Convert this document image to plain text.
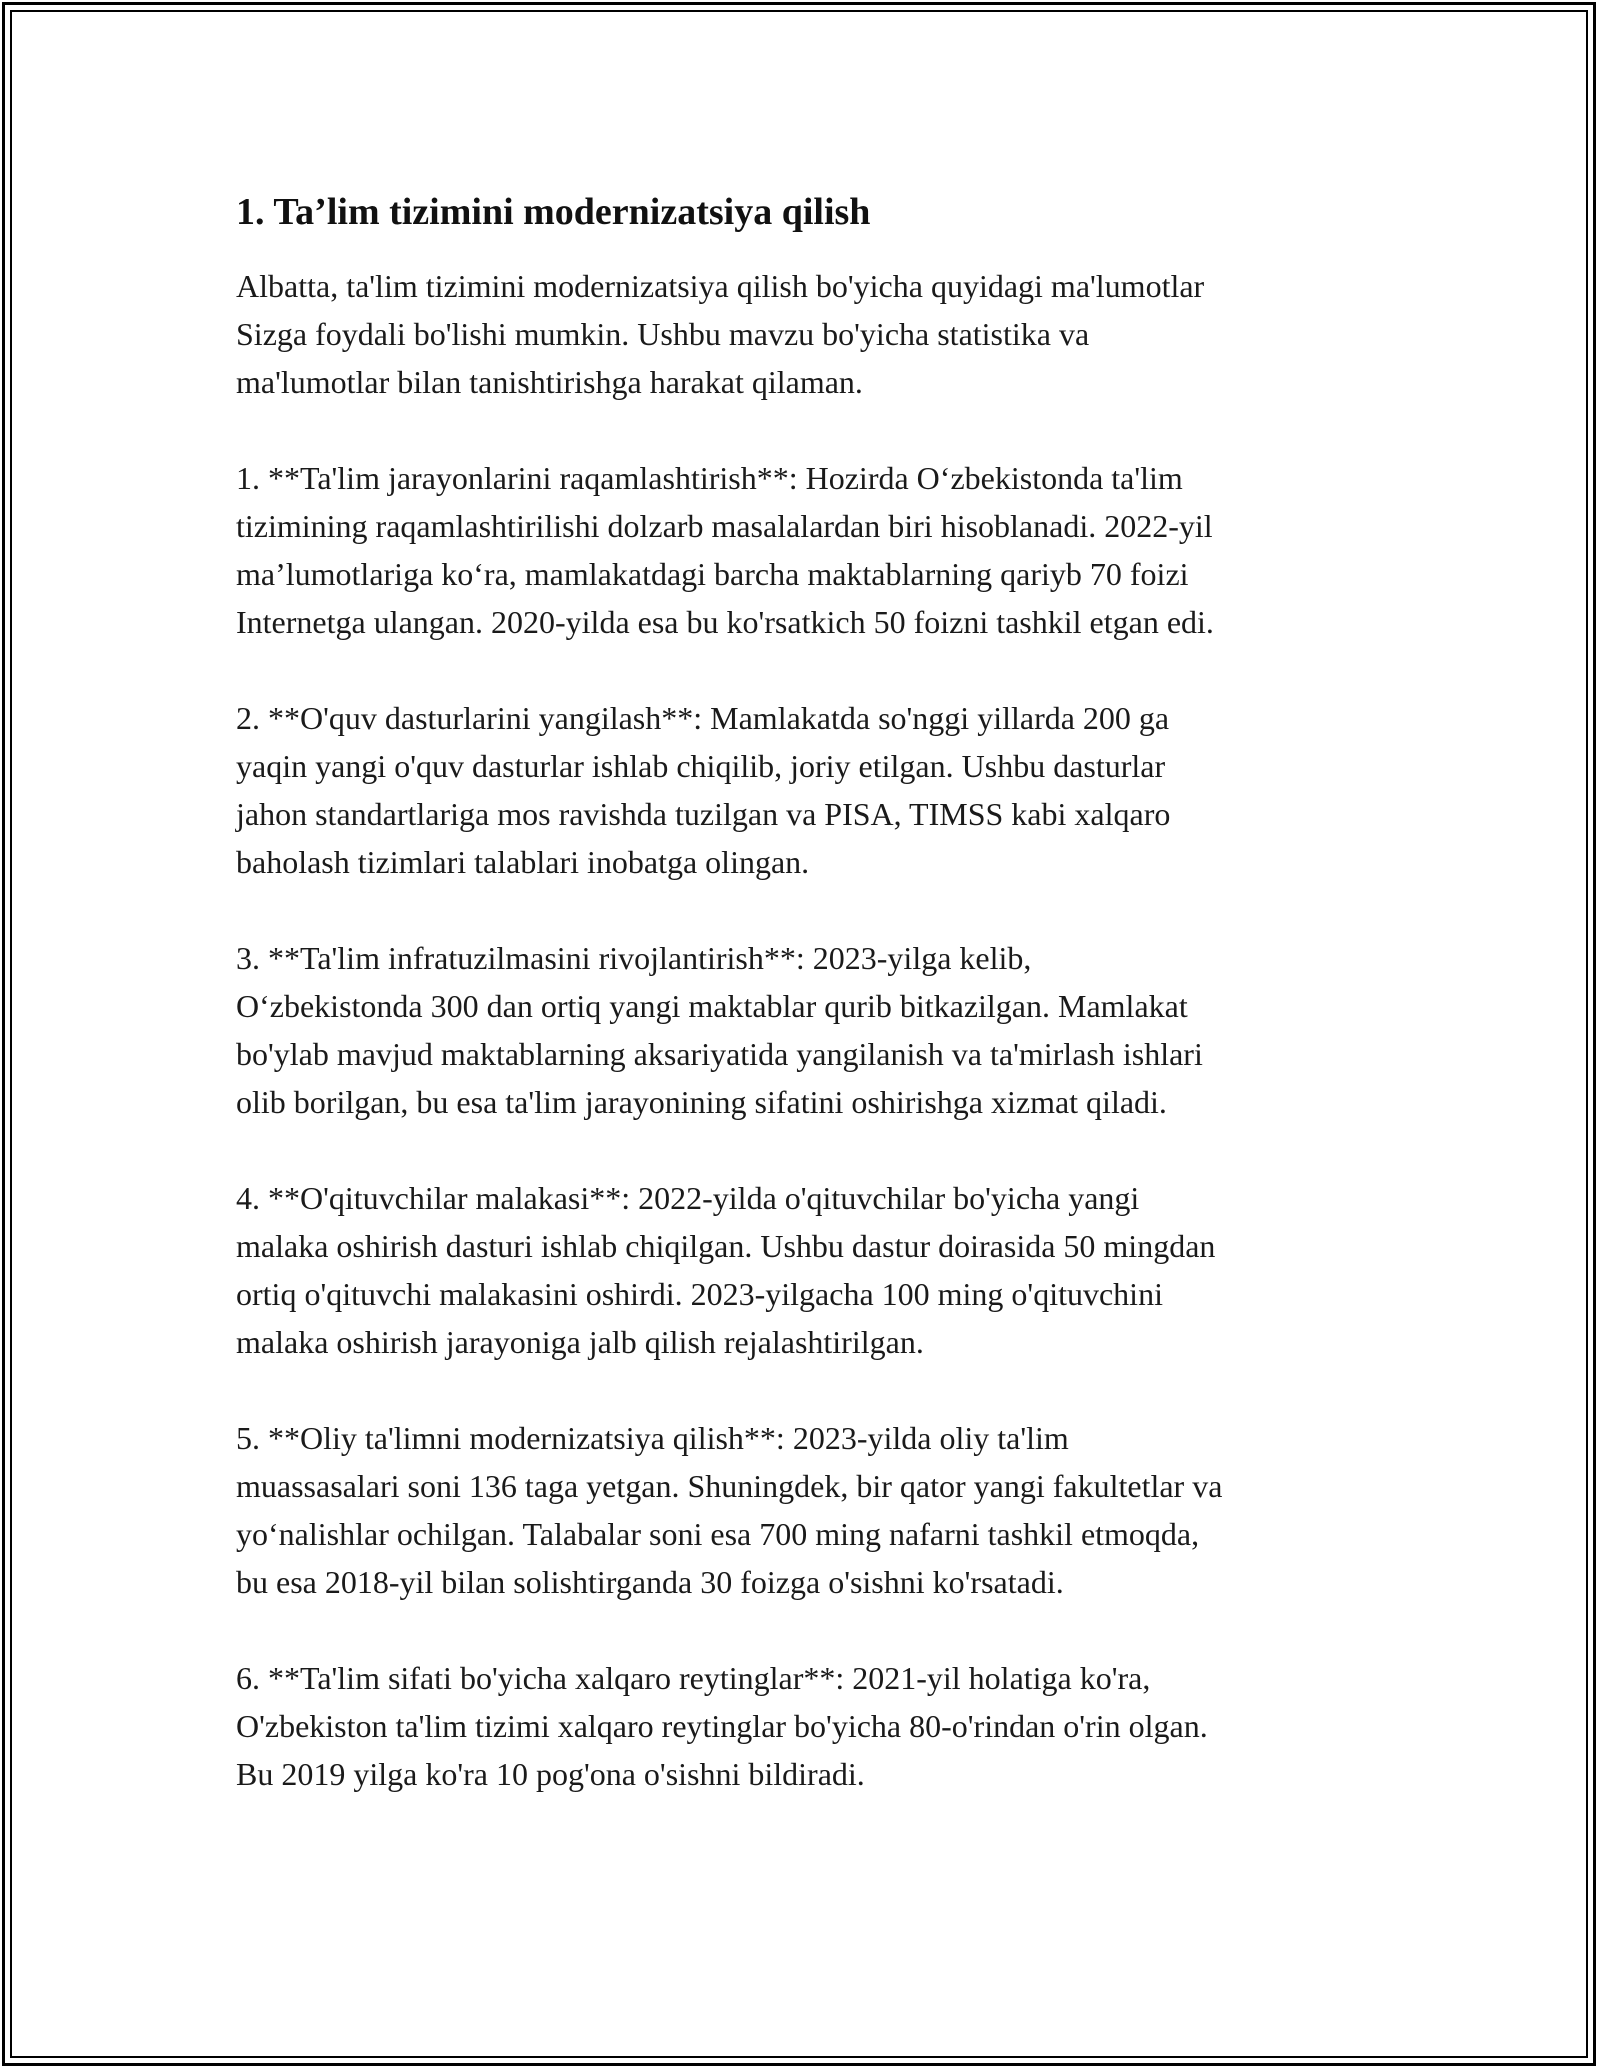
1. Ta’lim tizimini modernizatsiya qilish

Albatta, ta'lim tizimini modernizatsiya qilish bo'yicha quyidagi ma'lumotlar
Sizga foydali bo'lishi mumkin. Ushbu mavzu bo'yicha statistika va
ma'lumotlar bilan tanishtirishga harakat qilaman.

1. **Ta'lim jarayonlarini raqamlashtirish**: Hozirda O‘zbekistonda ta'lim
tizimining raqamlashtirilishi dolzarb masalalardan biri hisoblanadi. 2022-yil
ma’lumotlariga ko‘ra, mamlakatdagi barcha maktablarning qariyb 70 foizi
Internetga ulangan. 2020-yilda esa bu ko'rsatkich 50 foizni tashkil etgan edi.

2. **O'quv dasturlarini yangilash**: Mamlakatda so'nggi yillarda 200 ga
yaqin yangi o'quv dasturlar ishlab chiqilib, joriy etilgan. Ushbu dasturlar
jahon standartlariga mos ravishda tuzilgan va PISA, TIMSS kabi xalqaro
baholash tizimlari talablari inobatga olingan.

3. **Ta'lim infratuzilmasini rivojlantirish**: 2023-yilga kelib,
O‘zbekistonda 300 dan ortiq yangi maktablar qurib bitkazilgan. Mamlakat
bo'ylab mavjud maktablarning aksariyatida yangilanish va ta'mirlash ishlari
olib borilgan, bu esa ta'lim jarayonining sifatini oshirishga xizmat qiladi.

4. **O'qituvchilar malakasi**: 2022-yilda o'qituvchilar bo'yicha yangi
malaka oshirish dasturi ishlab chiqilgan. Ushbu dastur doirasida 50 mingdan
ortiq o'qituvchi malakasini oshirdi. 2023-yilgacha 100 ming o'qituvchini
malaka oshirish jarayoniga jalb qilish rejalashtirilgan.

5. **Oliy ta'limni modernizatsiya qilish**: 2023-yilda oliy ta'lim
muassasalari soni 136 taga yetgan. Shuningdek, bir qator yangi fakultetlar va
yo‘nalishlar ochilgan. Talabalar soni esa 700 ming nafarni tashkil etmoqda,
bu esa 2018-yil bilan solishtirganda 30 foizga o'sishni ko'rsatadi.

6. **Ta'lim sifati bo'yicha xalqaro reytinglar**: 2021-yil holatiga ko'ra,
O'zbekiston ta'lim tizimi xalqaro reytinglar bo'yicha 80-o'rindan o'rin olgan.
Bu 2019 yilga ko'ra 10 pog'ona o'sishni bildiradi.
